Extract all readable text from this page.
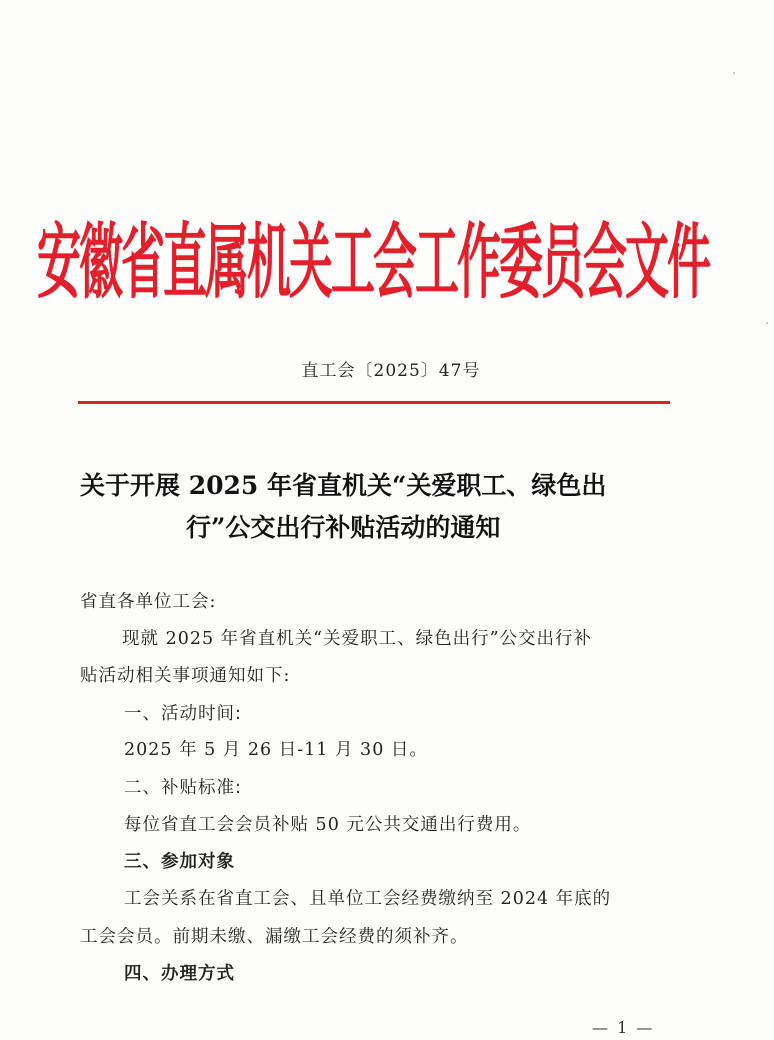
安徽省直属机关工会工作委员会文件
直工会〔2025〕47号
关于开展 2025 年省直机关“关爱职工、绿色出
行”公交出行补贴活动的通知
省直各单位工会:
现就 2025 年省直机关“关爱职工、绿色出行”公交出行补
贴活动相关事项通知如下:
一、活动时间:
2025 年 5 月 26 日-11 月 30 日。
二、补贴标准:
每位省直工会会员补贴 50 元公共交通出行费用。
三、参加对象
工会关系在省直工会、且单位工会经费缴纳至 2024 年底的
工会会员。前期未缴、漏缴工会经费的须补齐。
四、办理方式
— 1 —
